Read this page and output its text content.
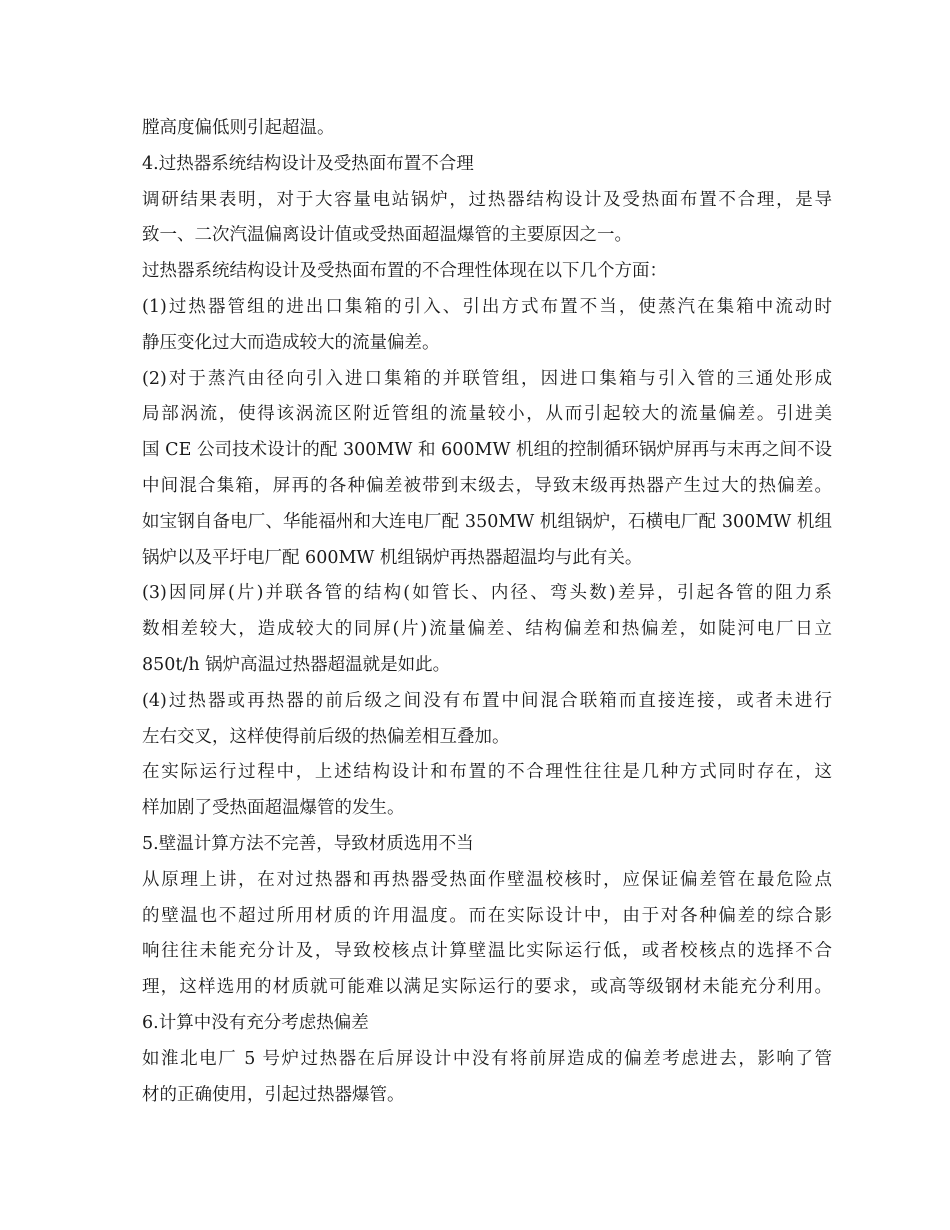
膛高度偏低则引起超温。
4.过热器系统结构设计及受热面布置不合理
调研结果表明，对于大容量电站锅炉，过热器结构设计及受热面布置不合理，是导
致一、二次汽温偏离设计值或受热面超温爆管的主要原因之一。
过热器系统结构设计及受热面布置的不合理性体现在以下几个方面：
(1)过热器管组的进出口集箱的引入、引出方式布置不当，使蒸汽在集箱中流动时
静压变化过大而造成较大的流量偏差。
(2)对于蒸汽由径向引入进口集箱的并联管组，因进口集箱与引入管的三通处形成
局部涡流，使得该涡流区附近管组的流量较小，从而引起较大的流量偏差。引进美
国 CE 公司技术设计的配 300MW 和 600MW 机组的控制循环锅炉屏再与末再之间不设
中间混合集箱，屏再的各种偏差被带到末级去，导致末级再热器产生过大的热偏差。
如宝钢自备电厂、华能福州和大连电厂配 350MW 机组锅炉，石横电厂配 300MW 机组
锅炉以及平圩电厂配 600MW 机组锅炉再热器超温均与此有关。
(3)因同屏(片)并联各管的结构(如管长、内径、弯头数)差异，引起各管的阻力系
数相差较大，造成较大的同屏(片)流量偏差、结构偏差和热偏差，如陡河电厂日立
850t/h 锅炉高温过热器超温就是如此。
(4)过热器或再热器的前后级之间没有布置中间混合联箱而直接连接，或者未进行
左右交叉，这样使得前后级的热偏差相互叠加。
在实际运行过程中，上述结构设计和布置的不合理性往往是几种方式同时存在，这
样加剧了受热面超温爆管的发生。
5.壁温计算方法不完善，导致材质选用不当
从原理上讲，在对过热器和再热器受热面作壁温校核时，应保证偏差管在最危险点
的壁温也不超过所用材质的许用温度。而在实际设计中，由于对各种偏差的综合影
响往往未能充分计及，导致校核点计算壁温比实际运行低，或者校核点的选择不合
理，这样选用的材质就可能难以满足实际运行的要求，或高等级钢材未能充分利用。
6.计算中没有充分考虑热偏差
如淮北电厂 5 号炉过热器在后屏设计中没有将前屏造成的偏差考虑进去，影响了管
材的正确使用，引起过热器爆管。
